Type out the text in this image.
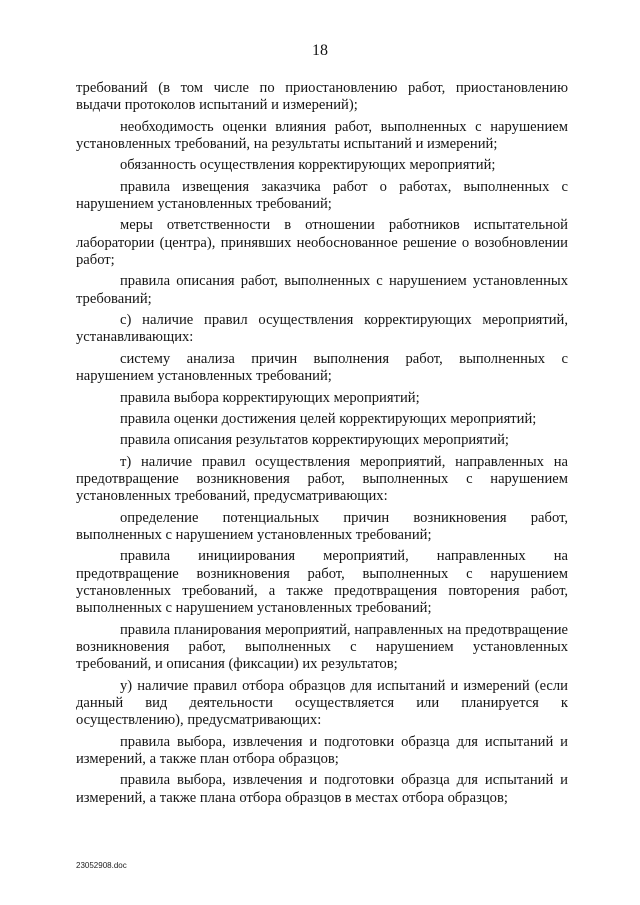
18

требований (в том числе по приостановлению работ, приостановлению выдачи протоколов испытаний и измерений);

необходимость оценки влияния работ, выполненных с нарушением установленных требований, на результаты испытаний и измерений;

обязанность осуществления корректирующих мероприятий;

правила извещения заказчика работ о работах, выполненных с нарушением установленных требований;

меры ответственности в отношении работников испытательной лаборатории (центра), принявших необоснованное решение о возобновлении работ;

правила описания работ, выполненных с нарушением установленных требований;

с) наличие правил осуществления корректирующих мероприятий, устанавливающих:

систему анализа причин выполнения работ, выполненных с нарушением установленных требований;

правила выбора корректирующих мероприятий;

правила оценки достижения целей корректирующих мероприятий;

правила описания результатов корректирующих мероприятий;

т) наличие правил осуществления мероприятий, направленных на предотвращение возникновения работ, выполненных с нарушением установленных требований, предусматривающих:

определение потенциальных причин возникновения работ, выполненных с нарушением установленных требований;

правила инициирования мероприятий, направленных на предотвращение возникновения работ, выполненных с нарушением установленных требований, а также предотвращения повторения работ, выполненных с нарушением установленных требований;

правила планирования мероприятий, направленных на предотвращение возникновения работ, выполненных с нарушением установленных требований, и описания (фиксации) их результатов;

у) наличие правил отбора образцов для испытаний и измерений (если данный вид деятельности осуществляется или планируется к осуществлению), предусматривающих:

правила выбора, извлечения и подготовки образца для испытаний и измерений, а также план отбора образцов;

правила выбора, извлечения и подготовки образца для испытаний и измерений, а также плана отбора образцов в местах отбора образцов;

23052908.doc
